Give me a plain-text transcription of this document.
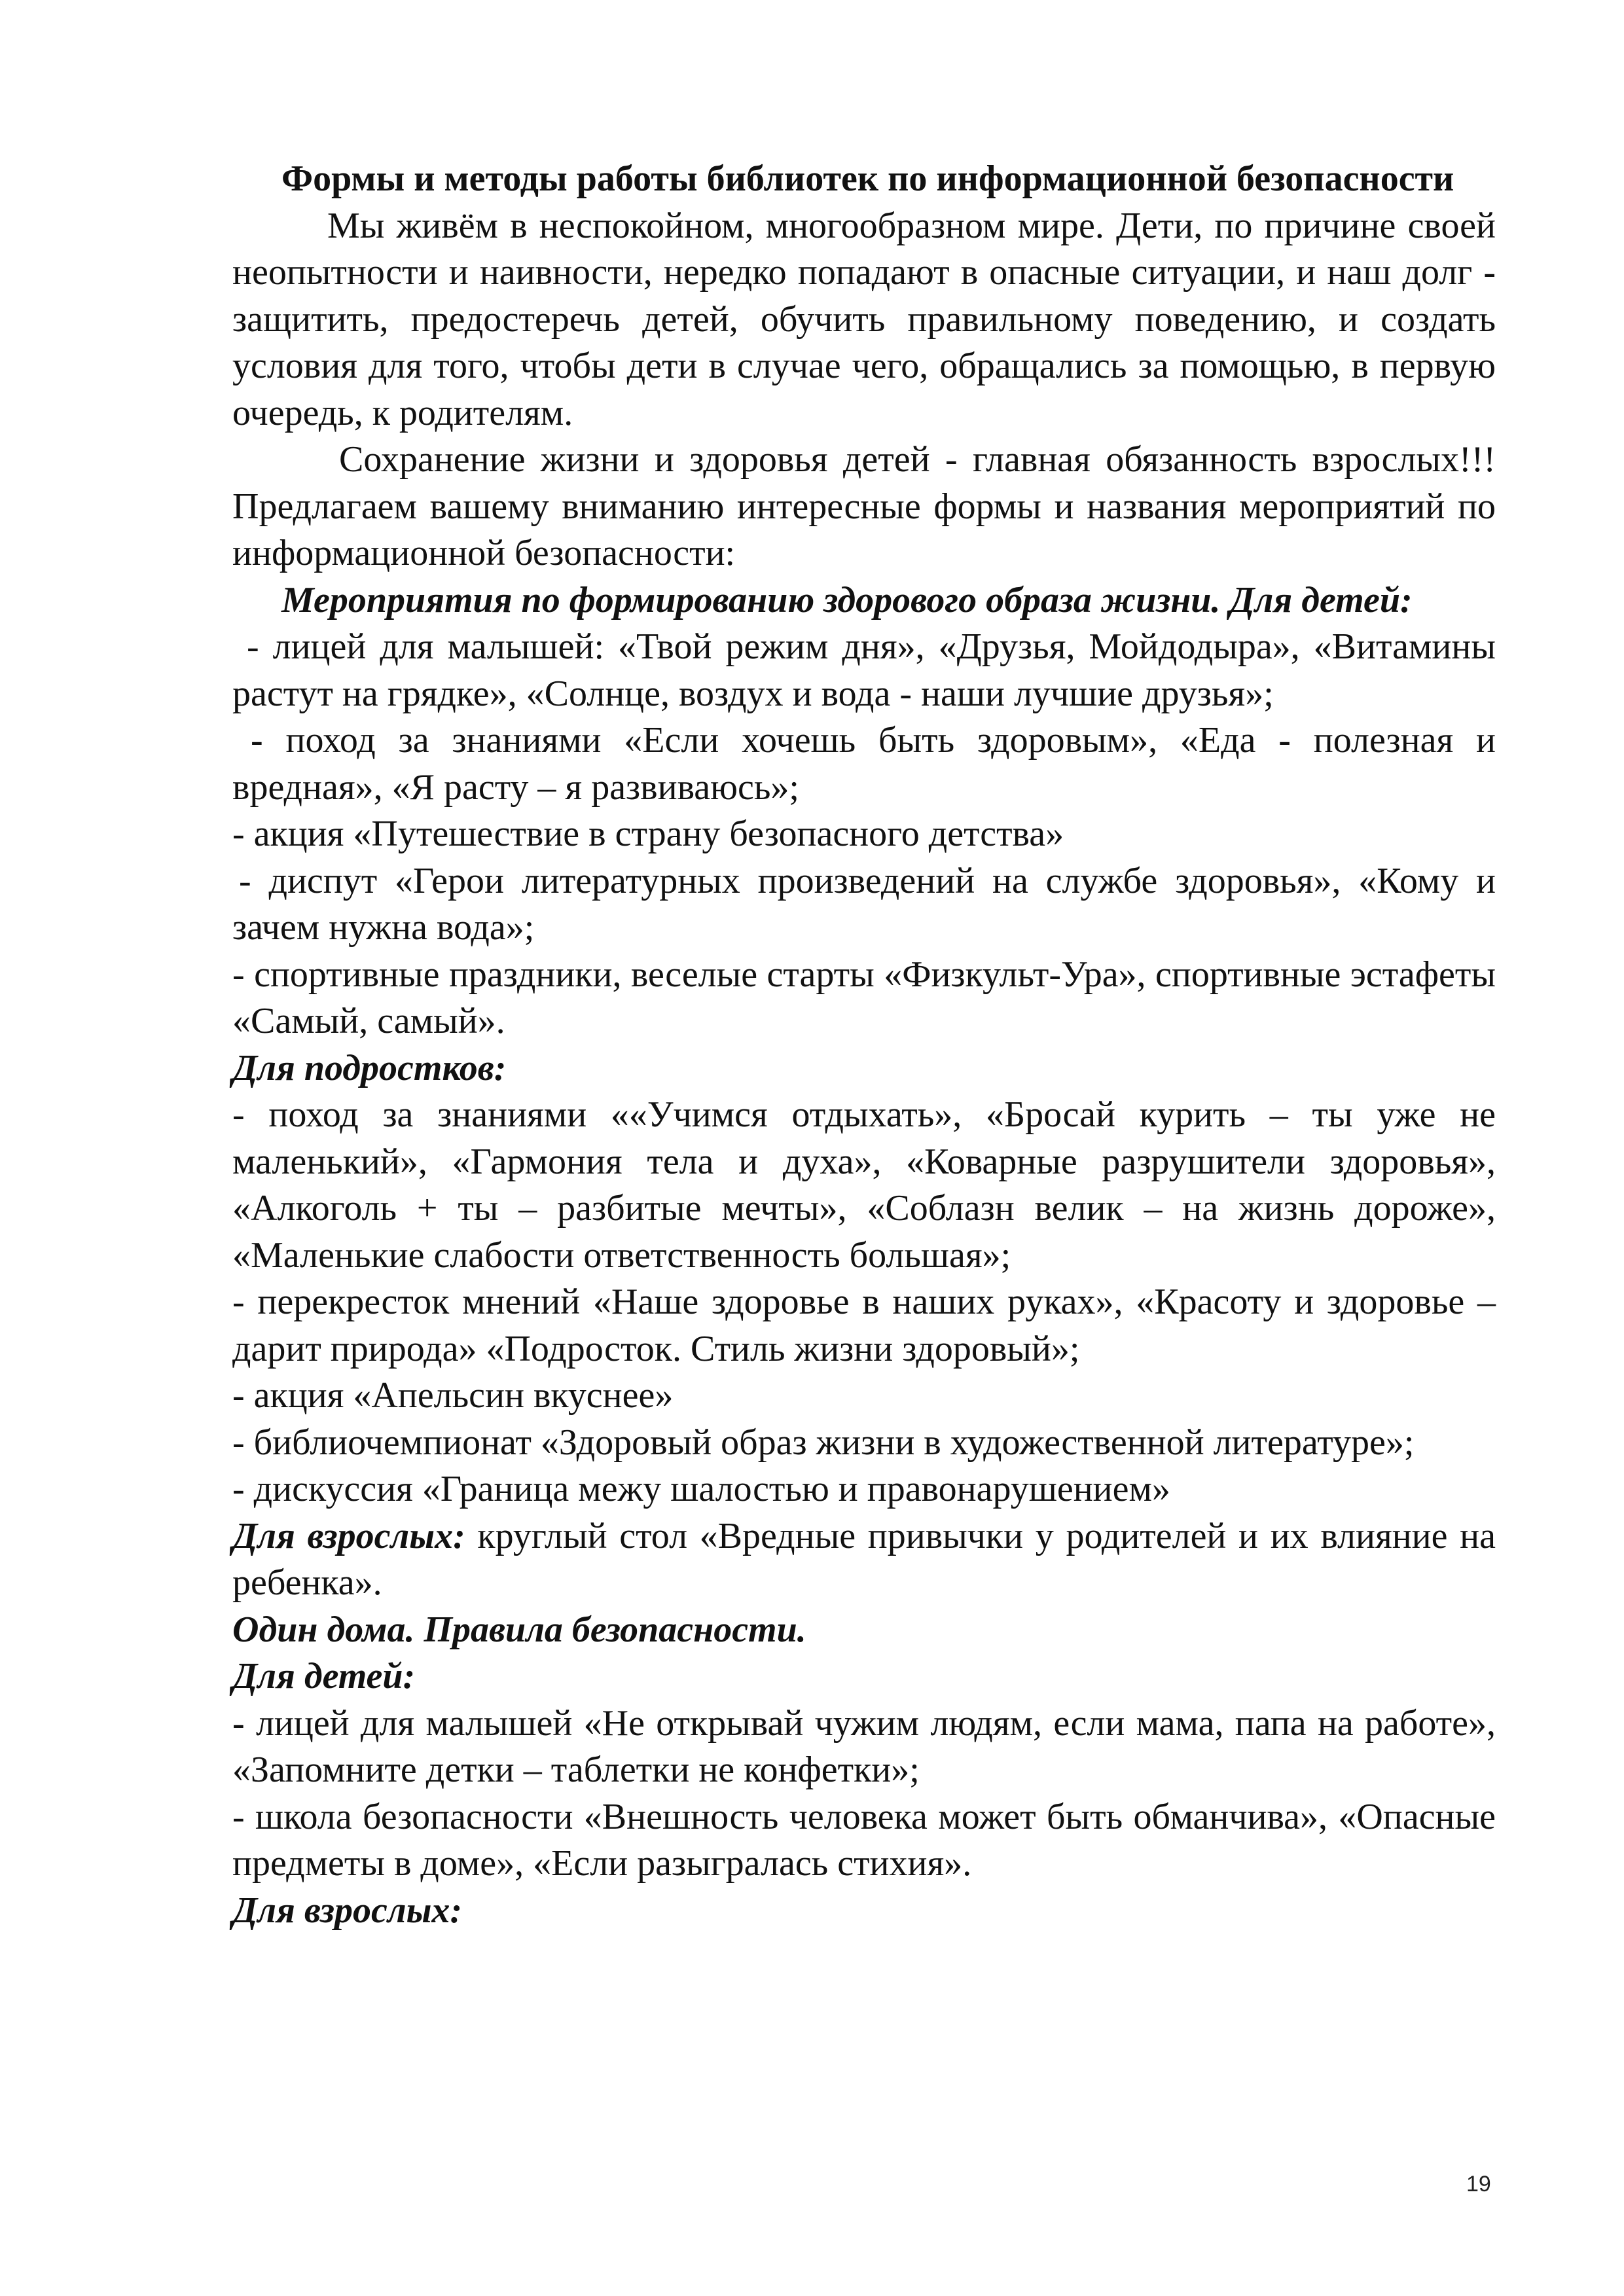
Формы и методы работы библиотек по информационной безопасности

Мы живём в неспокойном, многообразном мире. Дети, по причине своей неопытности и наивности, нередко попадают в опасные ситуации, и наш долг - защитить, предостеречь детей, обучить правильному поведению, и создать условия для того, чтобы дети в случае чего, обращались за помощью, в первую очередь, к родителям.

Сохранение жизни и здоровья детей - главная обязанность взрослых!!! Предлагаем вашему вниманию интересные формы и названия мероприятий по информационной безопасности:

Мероприятия по формированию здорового образа жизни. Для детей:

- лицей для малышей: «Твой режим дня», «Друзья, Мойдодыра», «Витамины растут на грядке», «Солнце, воздух и вода - наши лучшие друзья»;

- поход за знаниями «Если хочешь быть здоровым», «Еда - полезная и вредная», «Я расту – я развиваюсь»;

- акция «Путешествие в страну безопасного детства»

- диспут «Герои литературных произведений на службе здоровья», «Кому и зачем нужна вода»;

- спортивные праздники, веселые старты «Физкульт-Ура», спортивные эстафеты «Самый, самый».

Для подростков:

- поход за знаниями ««Учимся отдыхать», «Бросай курить – ты уже не маленький», «Гармония тела и духа», «Коварные разрушители здоровья», «Алкоголь + ты – разбитые мечты», «Соблазн велик – на жизнь дороже», «Маленькие слабости ответственность большая»;

- перекресток мнений «Наше здоровье в наших руках», «Красоту и здоровье – дарит природа» «Подросток. Стиль жизни здоровый»;

- акция «Апельсин вкуснее»

- библиочемпионат «Здоровый образ жизни в художественной литературе»;

- дискуссия «Граница межу шалостью и правонарушением»

Для взрослых: круглый стол «Вредные привычки у родителей и их влияние на ребенка».

Один дома. Правила безопасности.

Для детей:

- лицей для малышей «Не открывай чужим людям, если мама, папа на работе», «Запомните детки – таблетки не конфетки»;

- школа безопасности «Внешность человека может быть обманчива», «Опасные предметы в доме», «Если разыгралась стихия».

Для взрослых:

19
